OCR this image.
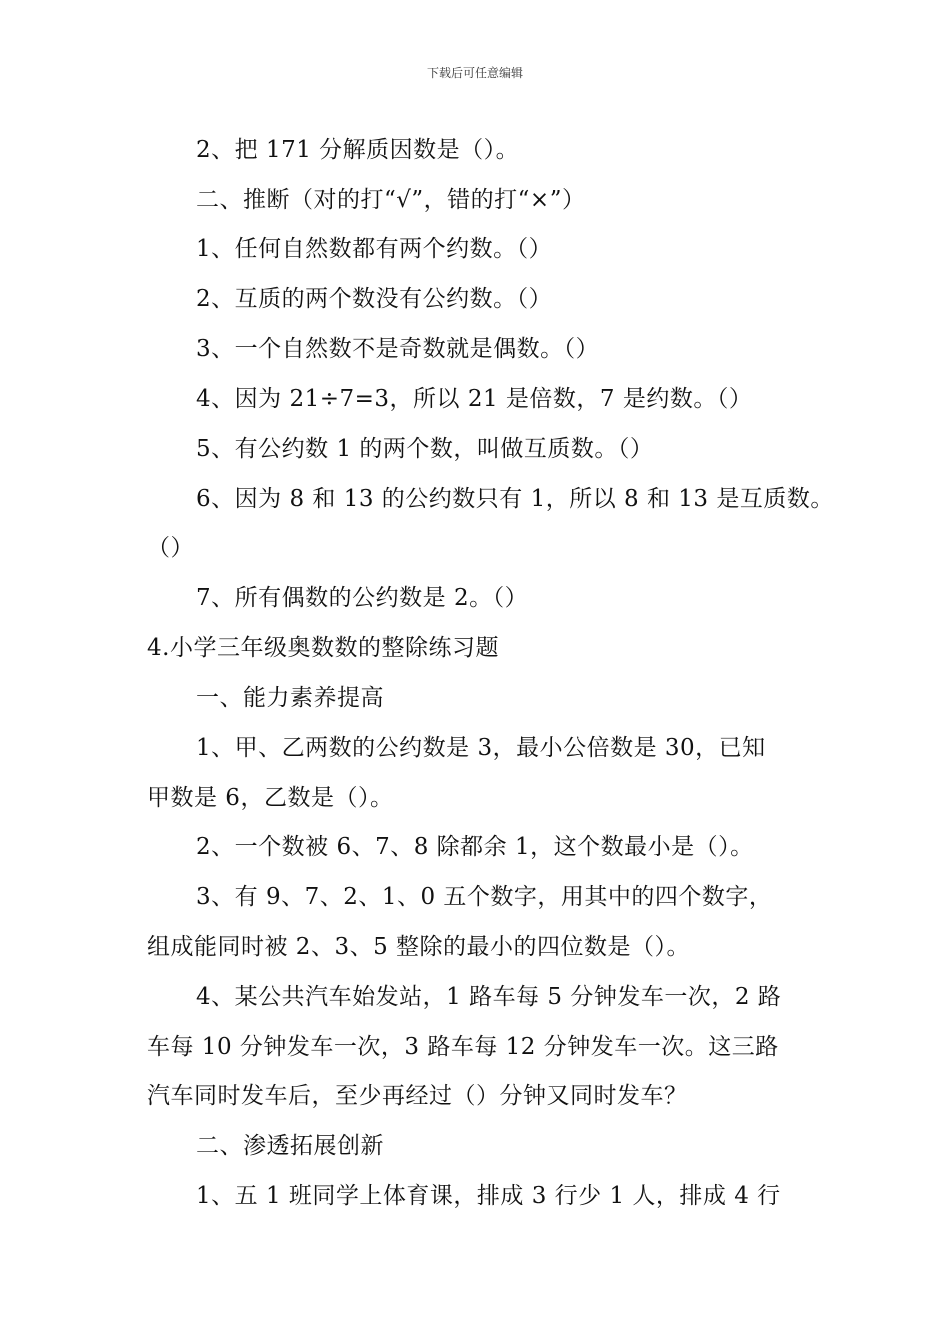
下载后可任意编辑
2、把 171 分解质因数是（）。
二、推断（对的打“√”，错的打“×”）
1、任何自然数都有两个约数。（）
2、互质的两个数没有公约数。（）
3、一个自然数不是奇数就是偶数。（）
4、因为 21÷7=3，所以 21 是倍数，7 是约数。（）
5、有公约数 1 的两个数，叫做互质数。（）
6、因为 8 和 13 的公约数只有 1，所以 8 和 13 是互质数。
（）
7、所有偶数的公约数是 2。（）
4.小学三年级奥数数的整除练习题
一、能力素养提高
1、甲、乙两数的公约数是 3，最小公倍数是 30，已知
甲数是 6，乙数是（）。
2、一个数被 6、7、8 除都余 1，这个数最小是（）。
3、有 9、7、2、1、0 五个数字，用其中的四个数字，
组成能同时被 2、3、5 整除的最小的四位数是（）。
4、某公共汽车始发站，1 路车每 5 分钟发车一次，2 路
车每 10 分钟发车一次，3 路车每 12 分钟发车一次。这三路
汽车同时发车后，至少再经过（）分钟又同时发车？
二、渗透拓展创新
1、五 1 班同学上体育课，排成 3 行少 1 人，排成 4 行
